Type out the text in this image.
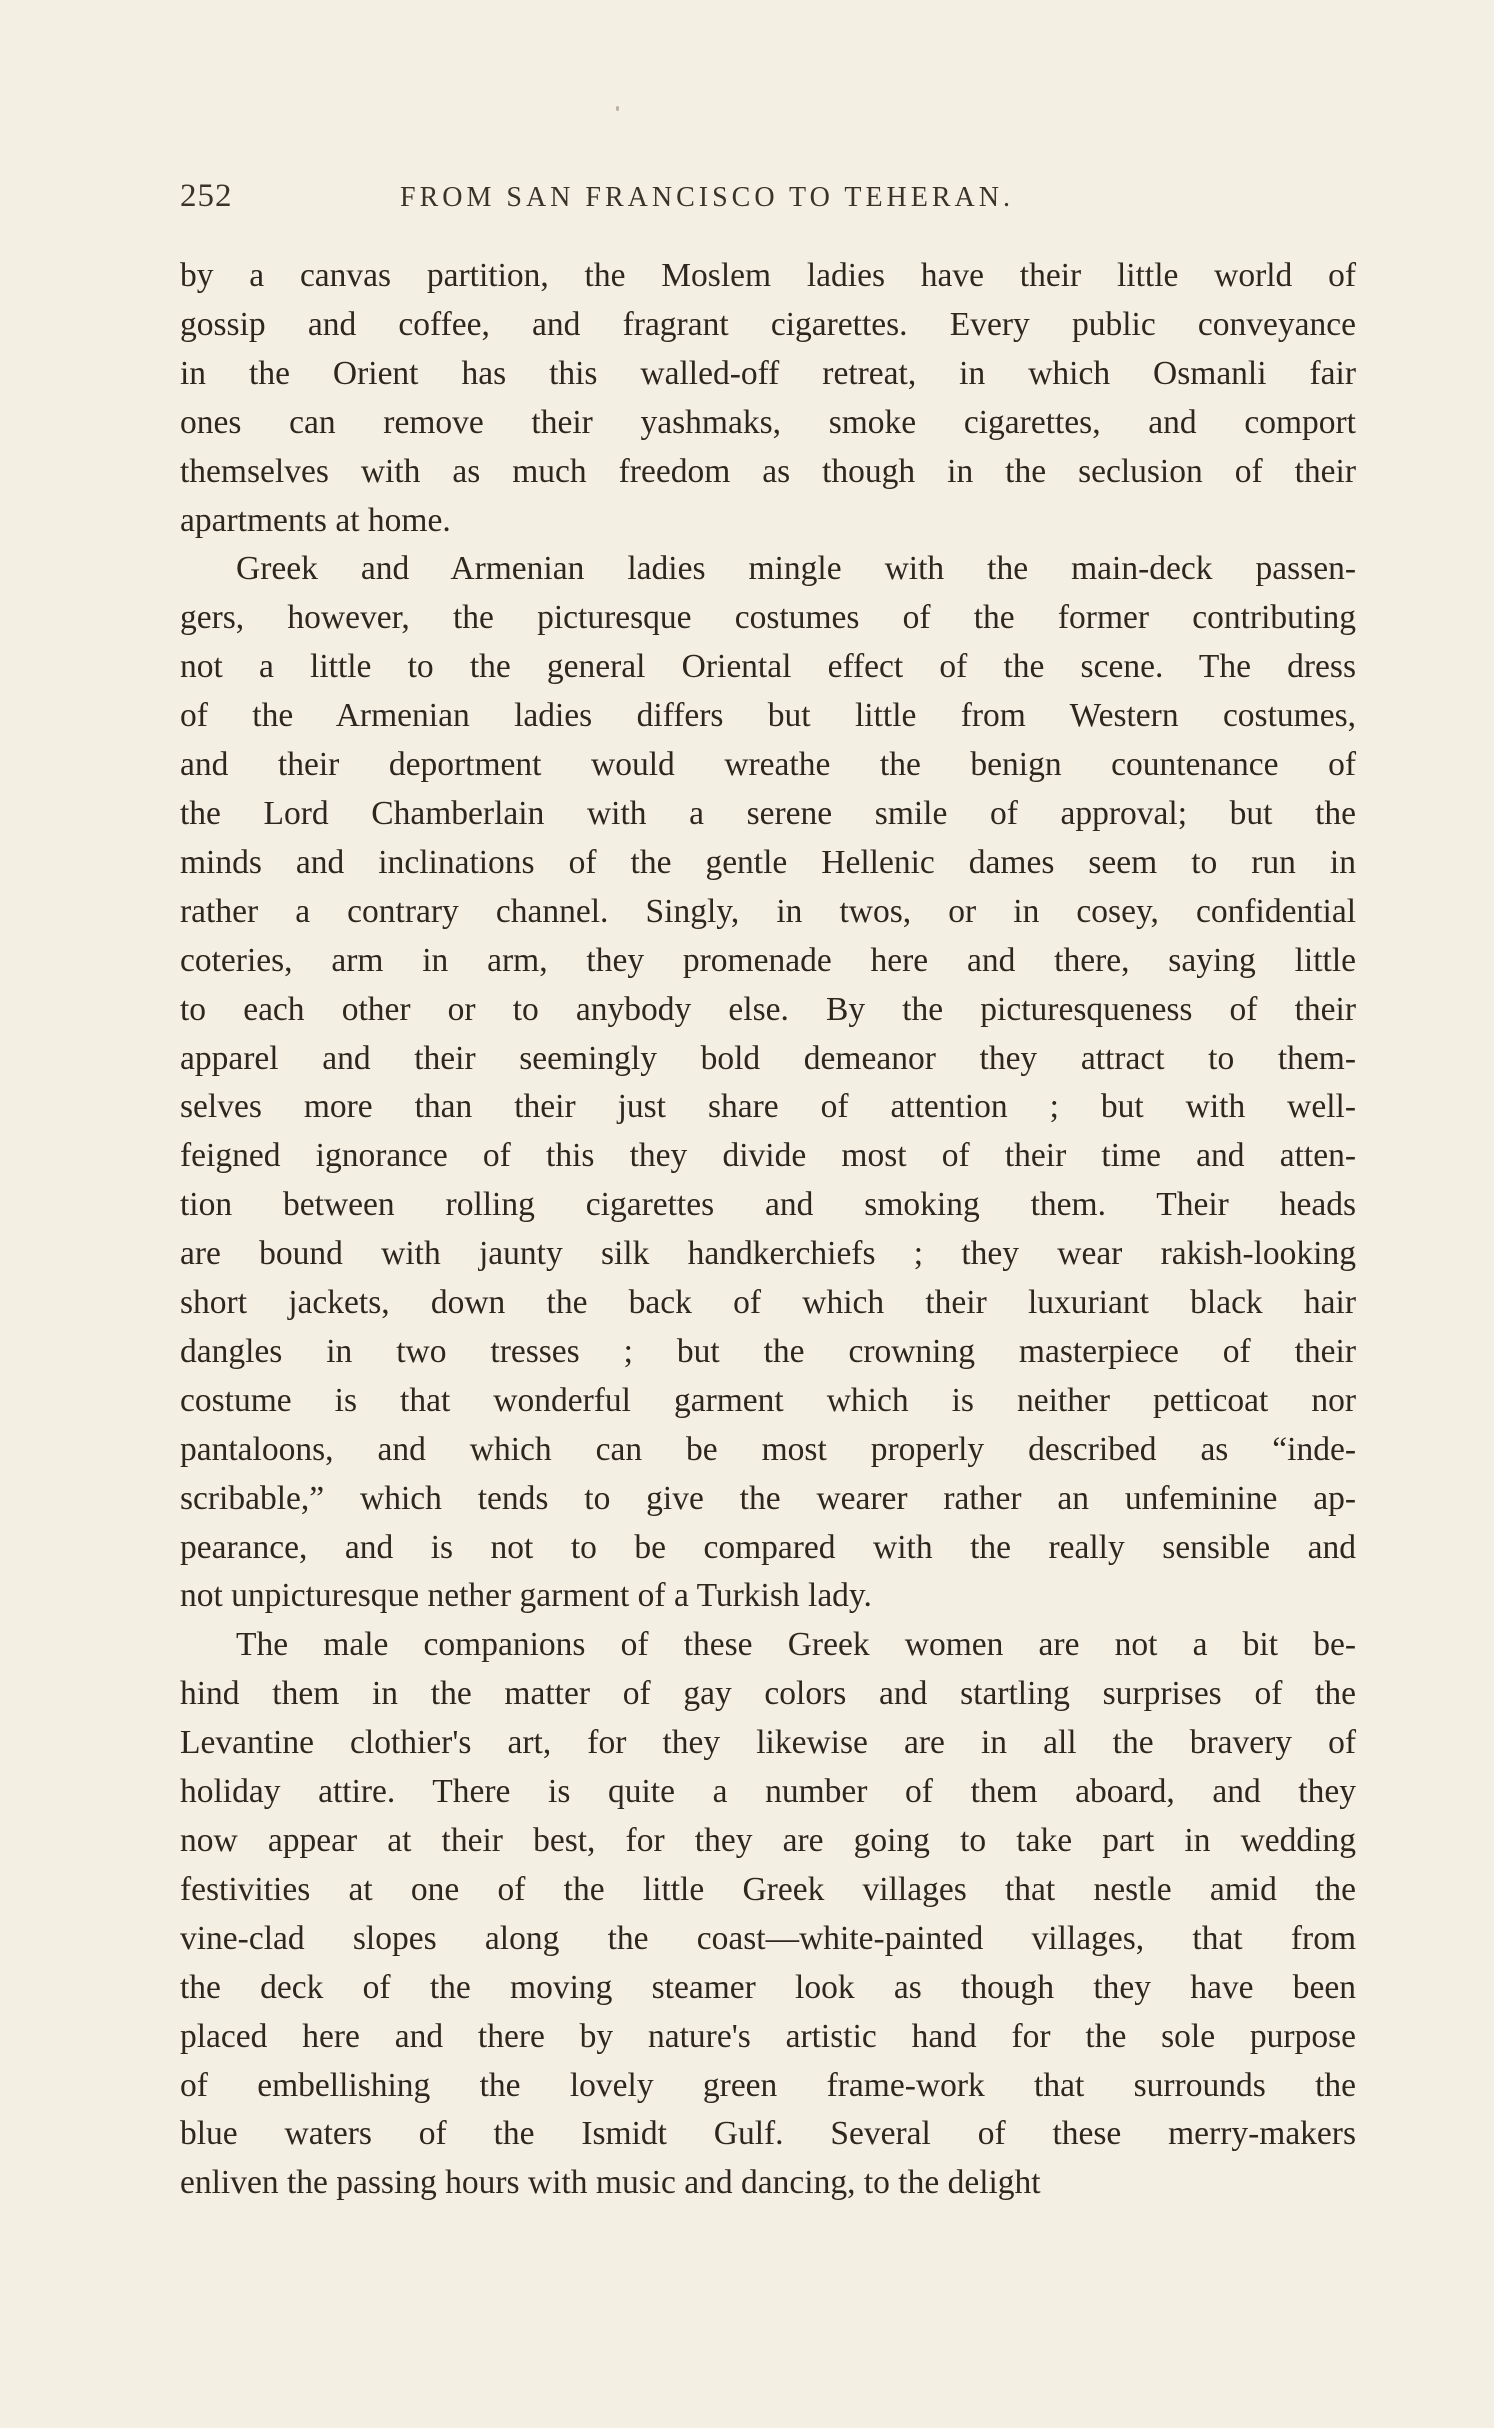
252	FROM SAN FRANCISCO TO TEHERAN.
by a canvas partition, the Moslem ladies have their little world of
gossip and coffee, and fragrant cigarettes. Every public conveyance
in the Orient has this walled-off retreat, in which Osmanli fair
ones can remove their yashmaks, smoke cigarettes, and comport
themselves with as much freedom as though in the seclusion of their
apartments at home.
Greek and Armenian ladies mingle with the main-deck passen-
gers, however, the picturesque costumes of the former contributing
not a little to the general Oriental effect of the scene. The dress
of the Armenian ladies differs but little from Western costumes,
and their deportment would wreathe the benign countenance of
the Lord Chamberlain with a serene smile of approval; but the
minds and inclinations of the gentle Hellenic dames seem to run in
rather a contrary channel. Singly, in twos, or in cosey, confidential
coteries, arm in arm, they promenade here and there, saying little
to each other or to anybody else. By the picturesqueness of their
apparel and their seemingly bold demeanor they attract to them-
selves more than their just share of attention ; but with well-
feigned ignorance of this they divide most of their time and atten-
tion between rolling cigarettes and smoking them. Their heads
are bound with jaunty silk handkerchiefs ; they wear rakish-looking
short jackets, down the back of which their luxuriant black hair
dangles in two tresses ; but the crowning masterpiece of their
costume is that wonderful garment which is neither petticoat nor
pantaloons, and which can be most properly described as “inde-
scribable,” which tends to give the wearer rather an unfeminine ap-
pearance, and is not to be compared with the really sensible and
not unpicturesque nether garment of a Turkish lady.
The male companions of these Greek women are not a bit be-
hind them in the matter of gay colors and startling surprises of the
Levantine clothier's art, for they likewise are in all the bravery of
holiday attire. There is quite a number of them aboard, and they
now appear at their best, for they are going to take part in wedding
festivities at one of the little Greek villages that nestle amid the
vine-clad slopes along the coast—white-painted villages, that from
the deck of the moving steamer look as though they have been
placed here and there by nature's artistic hand for the sole purpose
of embellishing the lovely green frame-work that surrounds the
blue waters of the Ismidt Gulf. Several of these merry-makers
enliven the passing hours with music and dancing, to the delight
